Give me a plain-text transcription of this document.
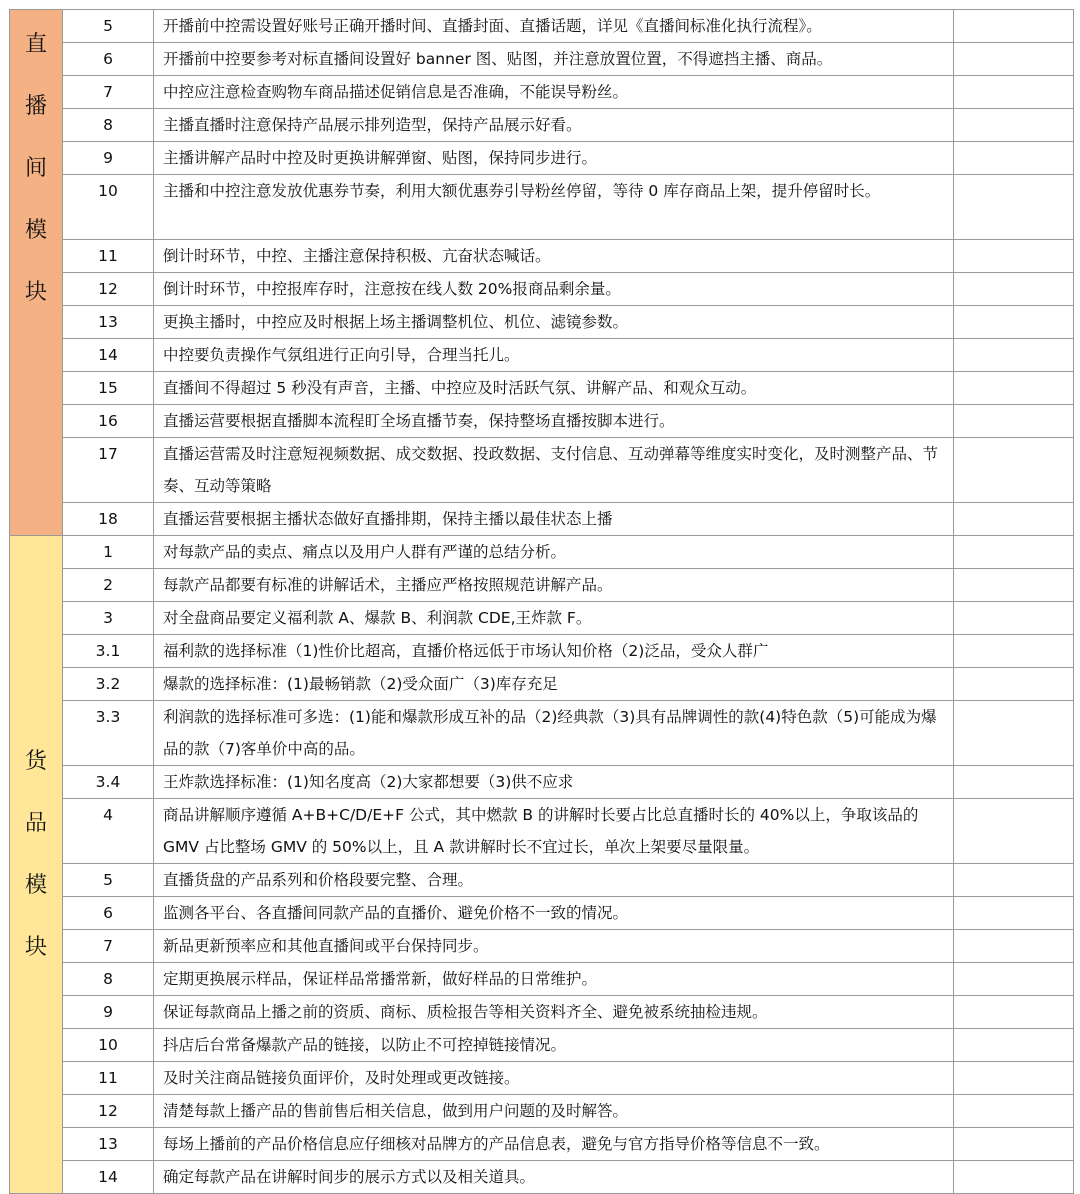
直
播
间
模
块	5	开播前中控需设置好账号正确开播时间、直播封面、直播话题，详见《直播间标准化执行流程》。	
	6	开播前中控要参考对标直播间设置好 banner 图、贴图，并注意放置位置，不得遮挡主播、商品。	
	7	中控应注意检查购物车商品描述促销信息是否准确，不能误导粉丝。	
	8	主播直播时注意保持产品展示排列造型，保持产品展示好看。	
	9	主播讲解产品时中控及时更换讲解弹窗、贴图，保持同步进行。	
	10	主播和中控注意发放优惠券节奏，利用大额优惠券引导粉丝停留，等待 0 库存商品上架，提升停留时长。	
	11	倒计时环节，中控、主播注意保持积极、亢奋状态喊话。	
	12	倒计时环节，中控报库存时，注意按在线人数 20%报商品剩余量。	
	13	更换主播时，中控应及时根据上场主播调整机位、机位、滤镜参数。	
	14	中控要负责操作气氛组进行正向引导，合理当托儿。	
	15	直播间不得超过 5 秒没有声音，主播、中控应及时活跃气氛、讲解产品、和观众互动。	
	16	直播运营要根据直播脚本流程盯全场直播节奏，保持整场直播按脚本进行。	
	17	直播运营需及时注意短视频数据、成交数据、投政数据、支付信息、互动弹幕等维度实时变化，及时测整产品、节奏、互动等策略	
	18	直播运营要根据主播状态做好直播排期，保持主播以最佳状态上播	

货
品
模
块	1	对每款产品的卖点、痛点以及用户人群有严谨的总结分析。	
	2	每款产品都要有标准的讲解话术，主播应严格按照规范讲解产品。	
	3	对全盘商品要定义福利款 A、爆款 B、利润款 CDE,王炸款 F。	
	3.1	福利款的选择标准（1)性价比超高，直播价格远低于市场认知价格（2)泛品，受众人群广	
	3.2	爆款的选择标准：(1)最畅销款（2)受众面广（3)库存充足	
	3.3	利润款的选择标准可多选：(1)能和爆款形成互补的品（2)经典款（3)具有品牌调性的款(4)特色款（5)可能成为爆品的款（7)客单价中高的品。	
	3.4	王炸款选择标准：(1)知名度高（2)大家都想要（3)供不应求	
	4	商品讲解顺序遵循 A+B+C/D/E+F 公式，其中燃款 B 的讲解时长要占比总直播时长的 40%以上，争取该品的 GMV 占比整场 GMV 的 50%以上，且 A 款讲解时长不宜过长，单次上架要尽量限量。	
	5	直播货盘的产品系列和价格段要完整、合理。	
	6	监测各平台、各直播间同款产品的直播价、避免价格不一致的情况。	
	7	新品更新预率应和其他直播间或平台保持同步。	
	8	定期更换展示样品，保证样品常播常新，做好样品的日常维护。	
	9	保证每款商品上播之前的资质、商标、质检报告等相关资料齐全、避免被系统抽检违规。	
	10	抖店后台常备爆款产品的链接，以防止不可控掉链接情况。	
	11	及时关注商品链接负面评价，及时处理或更改链接。	
	12	清楚每款上播产品的售前售后相关信息，做到用户问题的及时解答。	
	13	每场上播前的产品价格信息应仔细核对品牌方的产品信息表，避免与官方指导价格等信息不一致。	
	14	确定每款产品在讲解时间步的展示方式以及相关道具。	
